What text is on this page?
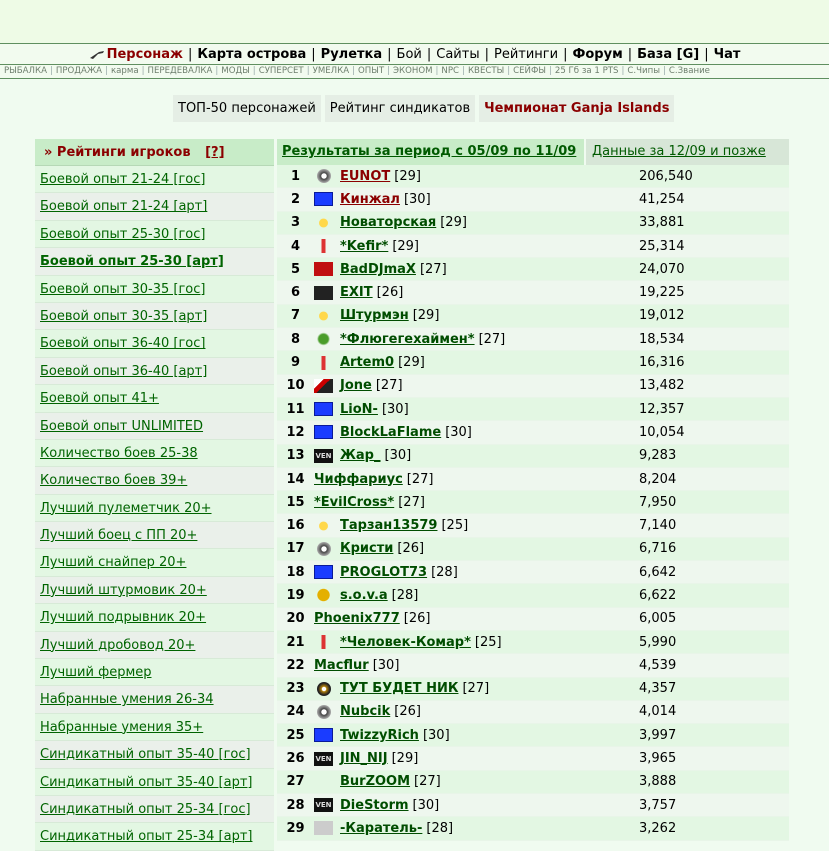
Персонаж | Карта острова | Рулетка | Бой | Сайты | Рейтинги | Форум | База [G] | Чат
РЫБАЛКА | ПРОДАЖА | карма | ПЕРЕДЕВАЛКА | МОДЫ | СУПЕРСЕТ | УМЕЛКА | ОПЫТ | ЭКОНОМ | NPC | КВЕСТЫ | СЕЙФЫ | 25 Гб за 1 PTS | С.Чипы | С.Звание
ТОП-50 персонажей	Рейтинг синдикатов	Чемпионат Ganja Islands
» Рейтинги игроков [?]
Боевой опыт 21-24 [гос]
Боевой опыт 21-24 [арт]
Боевой опыт 25-30 [гос]
Боевой опыт 25-30 [арт]
Боевой опыт 30-35 [гос]
Боевой опыт 30-35 [арт]
Боевой опыт 36-40 [гос]
Боевой опыт 36-40 [арт]
Боевой опыт 41+
Боевой опыт UNLIMITED
Количество боев 25-38
Количество боев 39+
Лучший пулеметчик 20+
Лучший боец с ПП 20+
Лучший снайпер 20+
Лучший штурмовик 20+
Лучший подрывник 20+
Лучший дробовод 20+
Лучший фермер
Набранные умения 26-34
Набранные умения 35+
Синдикатный опыт 35-40 [гос]
Синдикатный опыт 35-40 [арт]
Синдикатный опыт 25-34 [гос]
Синдикатный опыт 25-34 [арт]
Результаты за период с 05/09 по 11/09	Данные за 12/09 и позже
1	EUNOT [29]	206,540
2	Кинжал [30]	41,254
3	Новаторская [29]	33,881
4	*Kefir* [29]	25,314
5	BadDJmaX [27]	24,070
6	EXIT [26]	19,225
7	Штурмэн [29]	19,012
8	*Флюгегехаймен* [27]	18,534
9	Artem0 [29]	16,316
10	Jone [27]	13,482
11	LioN- [30]	12,357
12	BlockLaFlame [30]	10,054
13	VEN Жар_ [30]	9,283
14 Чиффариус [27]	8,204
15 *EvilCross* [27]	7,950
16	Тарзан13579 [25]	7,140
17	Кристи [26]	6,716
18	PROGLOT73 [28]	6,642
19	s.o.v.a [28]	6,622
20 Phoenix777 [26]	6,005
21	*Человек-Комар* [25]	5,990
22 Macflur [30]	4,539
23	ТУТ БУДЕТ НИК [27]	4,357
24	Nubcik [26]	4,014
25	TwizzyRich [30]	3,997
26	VEN JIN_NIJ [29]	3,965
27	BurZOOM [27]	3,888
28	VEN DieStorm [30]	3,757
29	-Каратель- [28]	3,262
